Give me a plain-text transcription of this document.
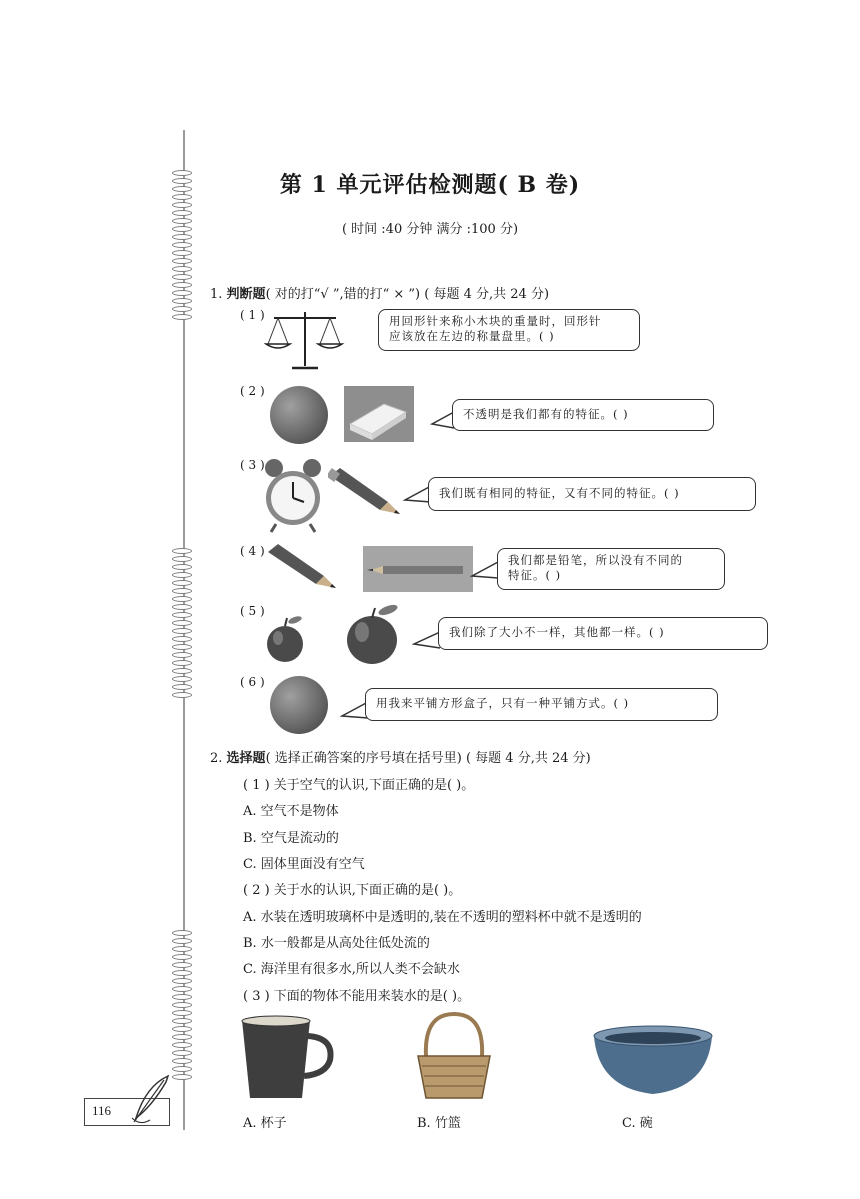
第 1 单元评估检测题( B 卷)
( 时间 :40 分钟 满分 :100 分)
1. 判断题( 对的打“√ ”,错的打“ × ”) ( 每题 4 分,共 24 分)
( 1 )	用回形针来称小木块的重量时，回形针
应该放在左边的称量盘里。( )
( 2 )
不透明是我们都有的特征。( )
( 3 )
我们既有相同的特征，又有不同的特征。( )
( 4 )
我们都是铅笔，所以没有不同的
特征。( )
( 5 )
我们除了大小不一样，其他都一样。( )
( 6 )
用我来平铺方形盒子，只有一种平铺方式。( )
2. 选择题( 选择正确答案的序号填在括号里) ( 每题 4 分,共 24 分)
( 1 ) 关于空气的认识,下面正确的是( )。
A. 空气不是物体
B. 空气是流动的
C. 固体里面没有空气
( 2 ) 关于水的认识,下面正确的是( )。
A. 水装在透明玻璃杯中是透明的,装在不透明的塑料杯中就不是透明的
B. 水一般都是从高处往低处流的
C. 海洋里有很多水,所以人类不会缺水
( 3 ) 下面的物体不能用来装水的是( )。
A. 杯子	B. 竹篮	C. 碗
116
